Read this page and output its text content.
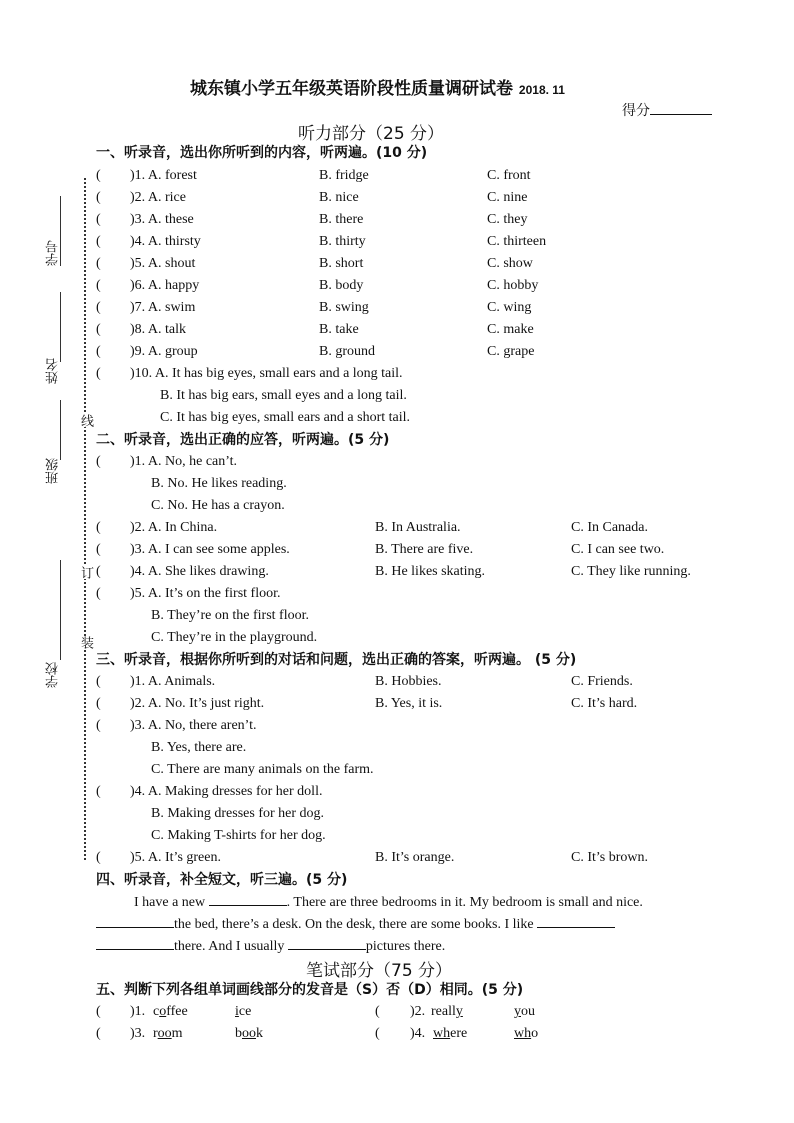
城东镇小学五年级英语阶段性质量调研试卷 2018. 11
得分
学号
姓名
班级
学校
线
订
装
听力部分（25 分）
一、听录音，选出你所听到的内容，听两遍。(10 分)
( )1. A. forest	B. fridge	C. front
( )2. A. rice	B. nice	C. nine
( )3. A. these	B. there	C. they
( )4. A. thirsty	B. thirty	C. thirteen
( )5. A. shout	B. short	C. show
( )6. A. happy	B. body	C. hobby
( )7. A. swim	B. swing	C. wing
( )8. A. talk	B. take	C. make
( )9. A. group	B. ground	C. grape
( )10. A. It has big eyes, small ears and a long tail.
B. It has big ears, small eyes and a long tail.
C. It has big eyes, small ears and a short tail.
二、听录音，选出正确的应答，听两遍。(5 分)
( )1. A. No, he can’t.
B. No. He likes reading.
C. No. He has a crayon.
( )2. A. In China.	B. In Australia.	C. In Canada.
( )3. A. I can see some apples.	B. There are five.	C. I can see two.
( )4. A. She likes drawing.	B. He likes skating.	C. They like running.
( )5. A. It’s on the first floor.
B. They’re on the first floor.
C. They’re in the playground.
三、听录音，根据你所听到的对话和问题，选出正确的答案，听两遍。 (5 分)
( )1. A. Animals.	B. Hobbies.	C. Friends.
( )2. A. No. It’s just right.	B. Yes, it is.	C. It’s hard.
( )3. A. No, there aren’t.
B. Yes, there are.
C. There are many animals on the farm.
( )4. A. Making dresses for her doll.
B. Making dresses for her dog.
C. Making T-shirts for her dog.
( )5. A. It’s green.	B. It’s orange.	C. It’s brown.
四、听录音，补全短文，听三遍。(5 分)
I have a new	. There are three bedrooms in it. My bedroom is small and nice.
the bed, there’s a desk. On the desk, there are some books. I like
there. And I usually	pictures there.
笔试部分（75 分）
五、判断下列各组单词画线部分的发音是（S）否（D）相同。(5 分)
( )1. coffee	ice	( )2. really	you
( )3. room	book	( )4. where	who
